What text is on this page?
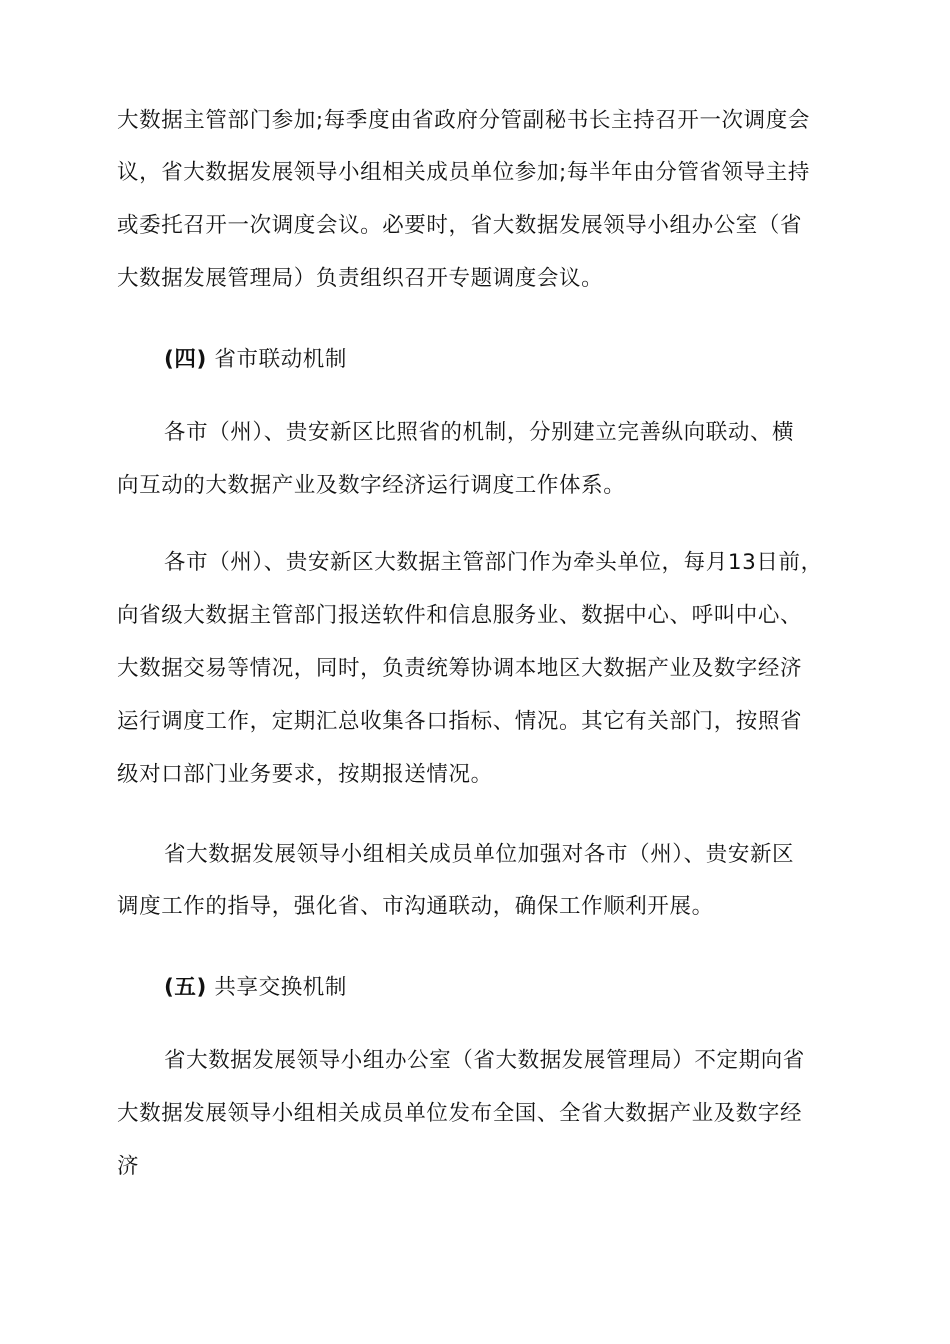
大数据主管部门参加;每季度由省政府分管副秘书长主持召开一次调度会
议，省大数据发展领导小组相关成员单位参加;每半年由分管省领导主持
或委托召开一次调度会议。必要时，省大数据发展领导小组办公室（省
大数据发展管理局）负责组织召开专题调度会议。
(四) 省市联动机制
各市（州）、贵安新区比照省的机制，分别建立完善纵向联动、横
向互动的大数据产业及数字经济运行调度工作体系。
各市（州）、贵安新区大数据主管部门作为牵头单位，每月13日前，
向省级大数据主管部门报送软件和信息服务业、数据中心、呼叫中心、
大数据交易等情况，同时，负责统筹协调本地区大数据产业及数字经济
运行调度工作，定期汇总收集各口指标、情况。其它有关部门，按照省
级对口部门业务要求，按期报送情况。
省大数据发展领导小组相关成员单位加强对各市（州）、贵安新区
调度工作的指导，强化省、市沟通联动，确保工作顺利开展。
(五) 共享交换机制
省大数据发展领导小组办公室（省大数据发展管理局）不定期向省
大数据发展领导小组相关成员单位发布全国、全省大数据产业及数字经
济
